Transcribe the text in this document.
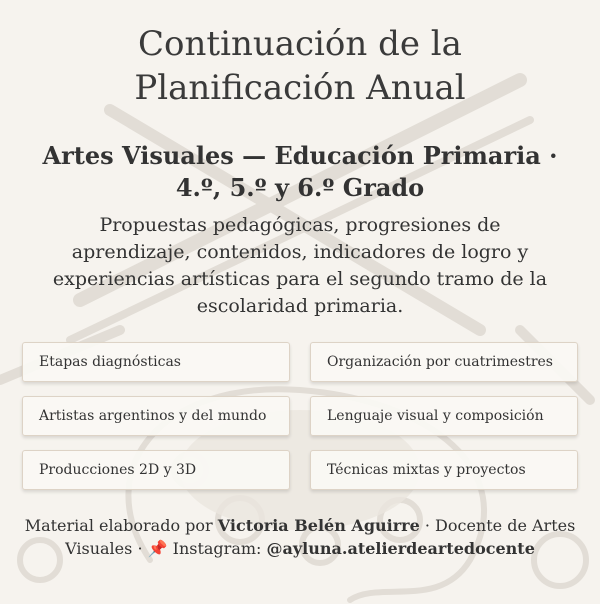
Continuación de la
Planificación Anual
Artes Visuales — Educación Primaria ·
4.º, 5.º y 6.º Grado

Propuestas pedagógicas, progresiones de
aprendizaje, contenidos, indicadores de logro y
experiencias artísticas para el segundo tramo de la
escolaridad primaria.

Etapas diagnósticas	Organización por cuatrimestres
Artistas argentinos y del mundo	Lenguaje visual y composición
Producciones 2D y 3D	Técnicas mixtas y proyectos

Material elaborado por Victoria Belén Aguirre · Docente de Artes
Visuales · 📌 Instagram: @ayluna.atelierdeartedocente
